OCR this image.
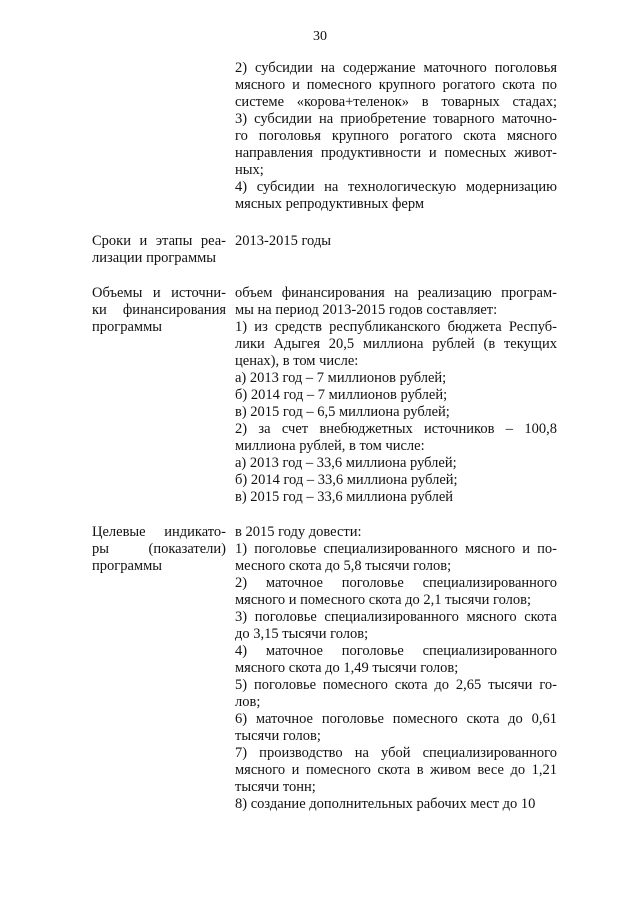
30
2) субсидии на содержание маточного поголовья
мясного и помесного крупного рогатого скота по
системе «корова+теленок» в товарных стадах;
3) субсидии на приобретение товарного маточно-
го поголовья крупного рогатого скота мясного
направления продуктивности и помесных живот-
ных;
4) субсидии на технологическую модернизацию
мясных репродуктивных ферм
Сроки и этапы реа-
лизации программы
2013-2015 годы
Объемы и источни-
ки финансирования
программы
объем финансирования на реализацию програм-
мы на период 2013-2015 годов составляет:
1) из средств республиканского бюджета Респуб-
лики Адыгея 20,5 миллиона рублей (в текущих
ценах), в том числе:
а) 2013 год – 7 миллионов рублей;
б) 2014 год – 7 миллионов рублей;
в) 2015 год – 6,5 миллиона рублей;
2) за счет внебюджетных источников – 100,8
миллиона рублей, в том числе:
а) 2013 год – 33,6 миллиона рублей;
б) 2014 год – 33,6 миллиона рублей;
в) 2015 год – 33,6 миллиона рублей
Целевые индикато-
ры (показатели)
программы
в 2015 году довести:
1) поголовье специализированного мясного и по-
месного скота до 5,8 тысячи голов;
2) маточное поголовье специализированного
мясного и помесного скота до 2,1 тысячи голов;
3) поголовье специализированного мясного скота
до 3,15 тысячи голов;
4) маточное поголовье специализированного
мясного скота до 1,49 тысячи голов;
5) поголовье помесного скота до 2,65 тысячи го-
лов;
6) маточное поголовье помесного скота до 0,61
тысячи голов;
7) производство на убой специализированного
мясного и помесного скота в живом весе до 1,21
тысячи тонн;
8) создание дополнительных рабочих мест до 10
